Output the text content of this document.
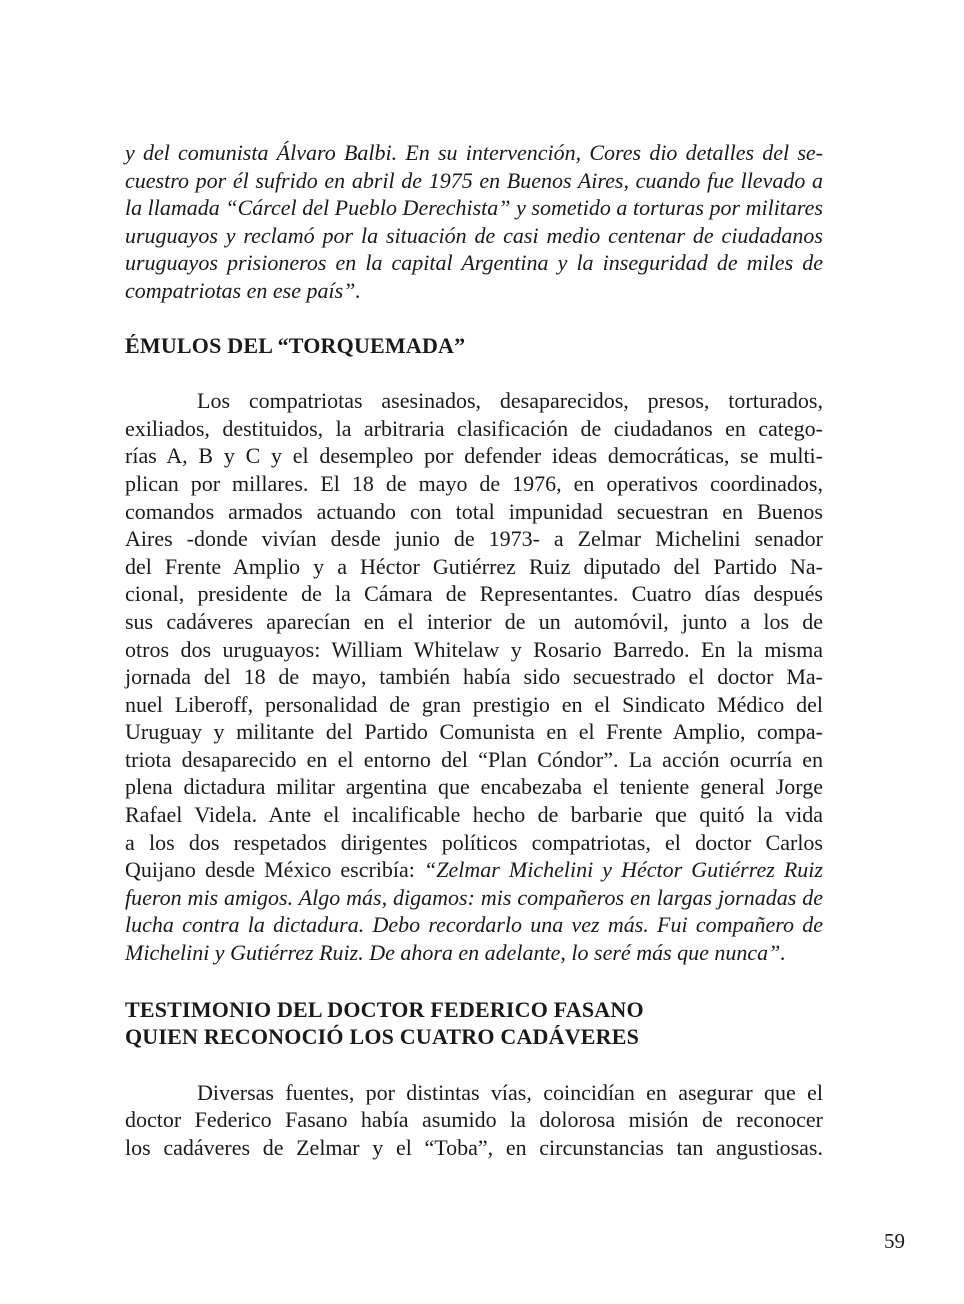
y del comunista Álvaro Balbi. En su intervención, Cores dio detalles del se-
cuestro por él sufrido en abril de 1975 en Buenos Aires, cuando fue llevado a
la llamada “Cárcel del Pueblo Derechista” y sometido a torturas por militares
uruguayos y reclamó por la situación de casi medio centenar de ciudadanos
uruguayos prisioneros en la capital Argentina y la inseguridad de miles de
compatriotas en ese país”.
ÉMULOS DEL “TORQUEMADA”
Los compatriotas asesinados, desaparecidos, presos, torturados,
exiliados, destituidos, la arbitraria clasificación de ciudadanos en catego-
rías A, B y C y el desempleo por defender ideas democráticas, se multi-
plican por millares. El 18 de mayo de 1976, en operativos coordinados,
comandos armados actuando con total impunidad secuestran en Buenos
Aires -donde vivían desde junio de 1973- a Zelmar Michelini senador
del Frente Amplio y a Héctor Gutiérrez Ruiz diputado del Partido Na-
cional, presidente de la Cámara de Representantes. Cuatro días después
sus cadáveres aparecían en el interior de un automóvil, junto a los de
otros dos uruguayos: William Whitelaw y Rosario Barredo. En la misma
jornada del 18 de mayo, también había sido secuestrado el doctor Ma-
nuel Liberoff, personalidad de gran prestigio en el Sindicato Médico del
Uruguay y militante del Partido Comunista en el Frente Amplio, compa-
triota desaparecido en el entorno del “Plan Cóndor”. La acción ocurría en
plena dictadura militar argentina que encabezaba el teniente general Jorge
Rafael Videla. Ante el incalificable hecho de barbarie que quitó la vida
a los dos respetados dirigentes políticos compatriotas, el doctor Carlos
Quijano desde México escribía: “Zelmar Michelini y Héctor Gutiérrez Ruiz
fueron mis amigos. Algo más, digamos: mis compañeros en largas jornadas de
lucha contra la dictadura. Debo recordarlo una vez más. Fui compañero de
Michelini y Gutiérrez Ruiz. De ahora en adelante, lo seré más que nunca”.
TESTIMONIO DEL DOCTOR FEDERICO FASANO
QUIEN RECONOCIÓ LOS CUATRO CADÁVERES
Diversas fuentes, por distintas vías, coincidían en asegurar que el
doctor Federico Fasano había asumido la dolorosa misión de reconocer
los cadáveres de Zelmar y el “Toba”, en circunstancias tan angustiosas.
59
